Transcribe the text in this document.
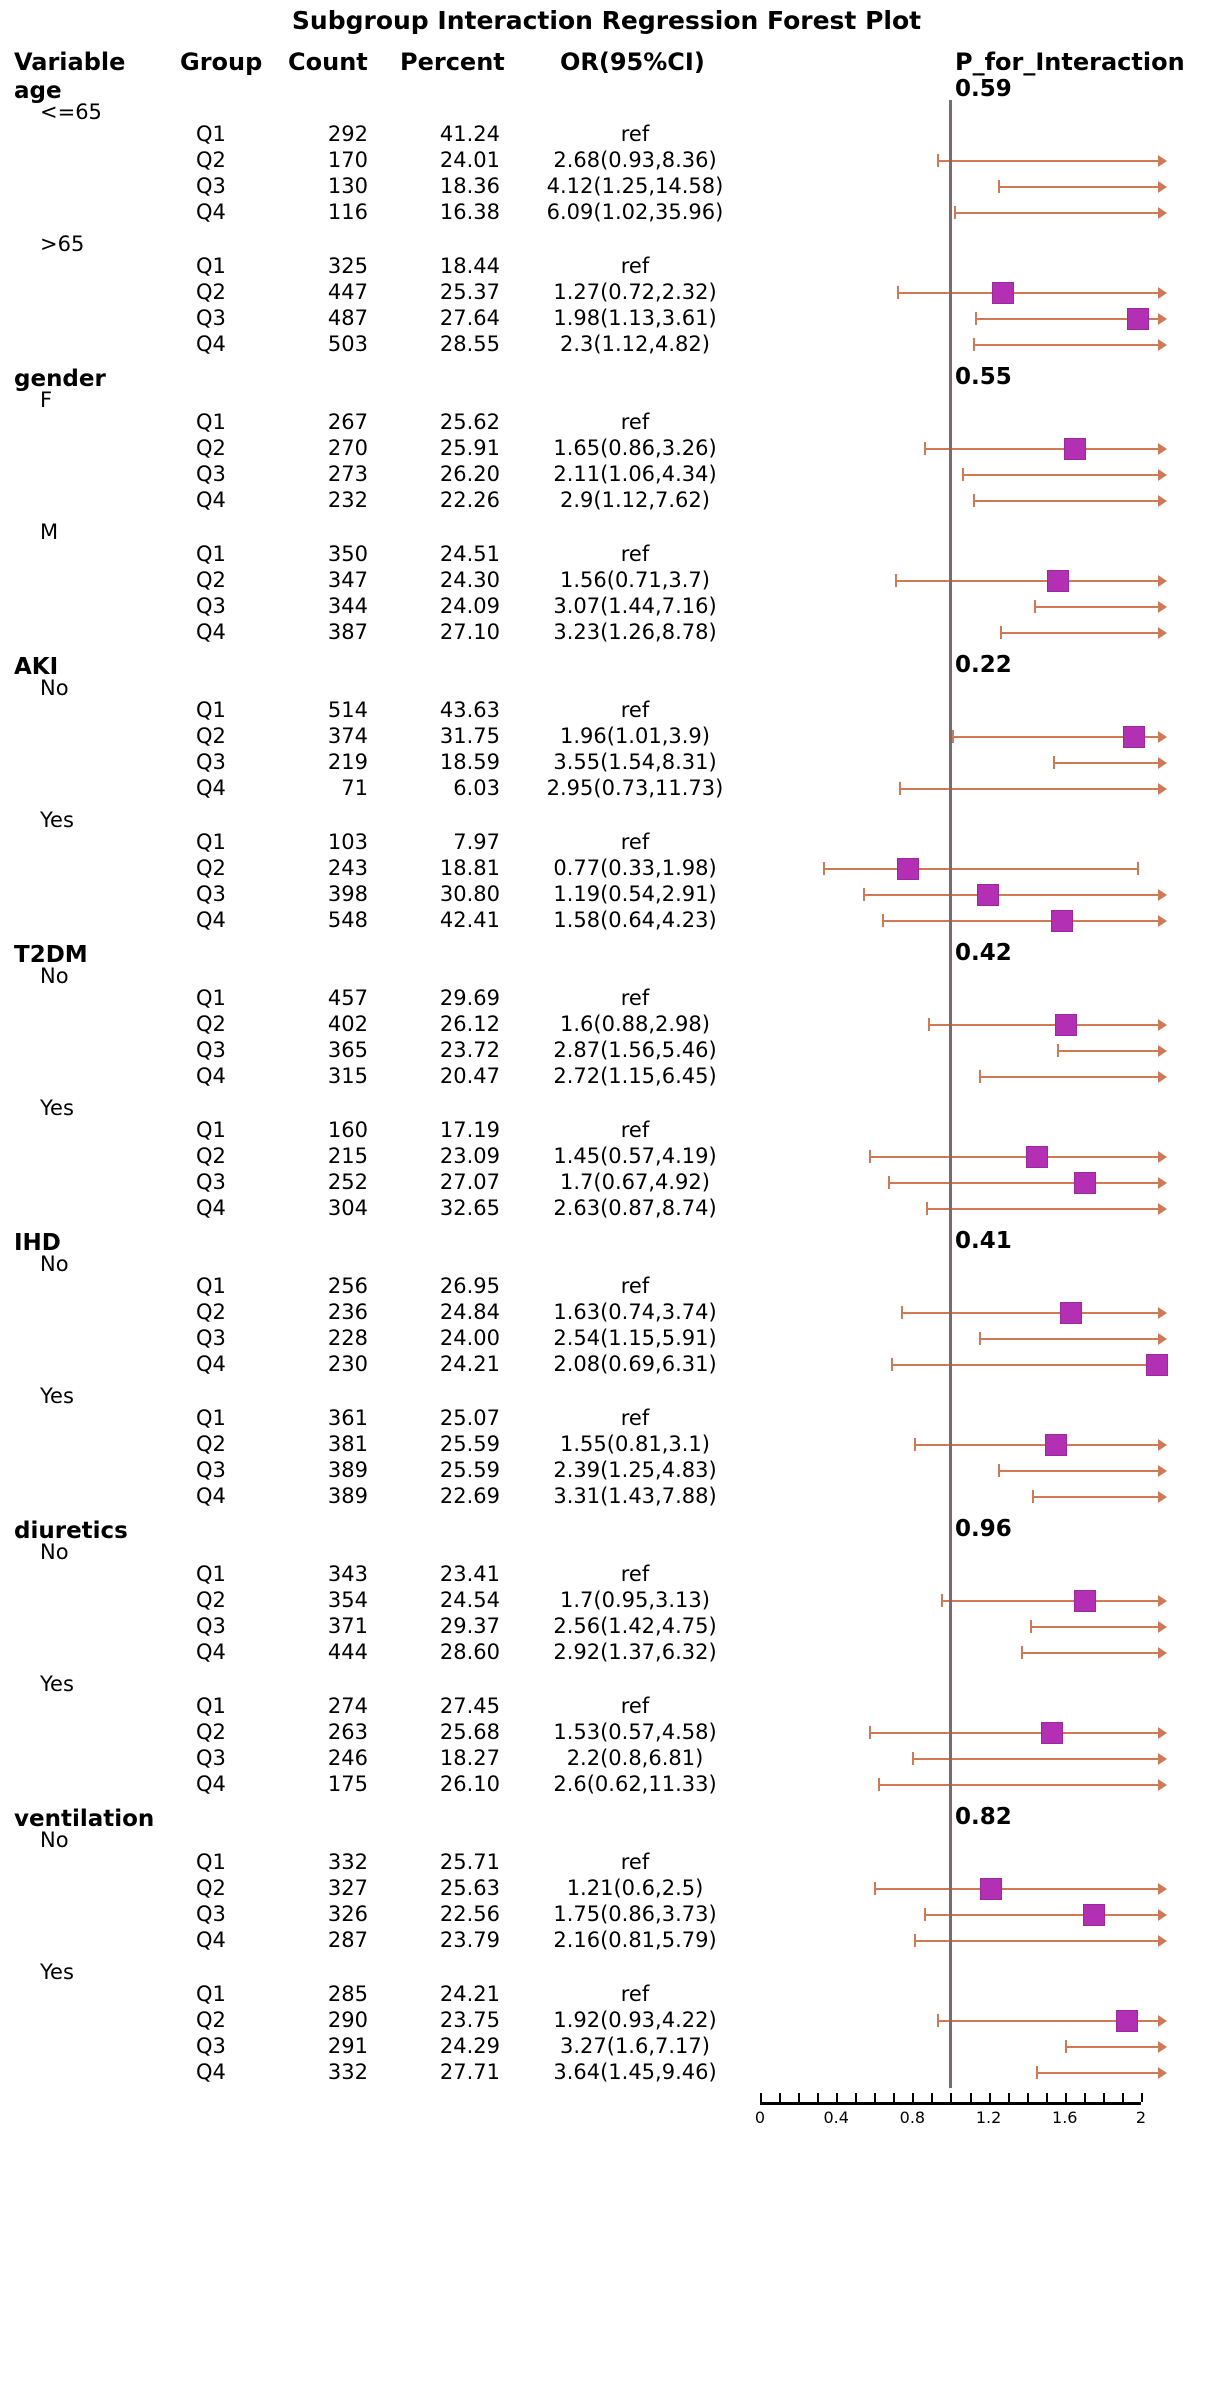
Subgroup Interaction Regression Forest Plot
Variable Group Count Percent OR(95%CI)	P_for_Interaction
age	0.59
<=65
Q1	292	41.24	ref
Q2	170	24.01	2.68(0.93,8.36)
Q3	130	18.36	4.12(1.25,14.58)
Q4	116	16.38	6.09(1.02,35.96)
>65
Q1	325	18.44	ref
Q2	447	25.37	1.27(0.72,2.32)
Q3	487	27.64	1.98(1.13,3.61)
Q4	503	28.55	2.3(1.12,4.82)
gender	0.55
F
Q1	267	25.62	ref
Q2	270	25.91	1.65(0.86,3.26)
Q3	273	26.20	2.11(1.06,4.34)
Q4	232	22.26	2.9(1.12,7.62)
M
Q1	350	24.51	ref
Q2	347	24.30	1.56(0.71,3.7)
Q3	344	24.09	3.07(1.44,7.16)
Q4	387	27.10	3.23(1.26,8.78)
AKI	0.22
No
Q1	514	43.63	ref
Q2	374	31.75	1.96(1.01,3.9)
Q3	219	18.59	3.55(1.54,8.31)
Q4	71	6.03	2.95(0.73,11.73)
Yes
Q1	103	7.97	ref
Q2	243	18.81	0.77(0.33,1.98)
Q3	398	30.80	1.19(0.54,2.91)
Q4	548	42.41	1.58(0.64,4.23)
T2DM	0.42
No
Q1	457	29.69	ref
Q2	402	26.12	1.6(0.88,2.98)
Q3	365	23.72	2.87(1.56,5.46)
Q4	315	20.47	2.72(1.15,6.45)
Yes
Q1	160	17.19	ref
Q2	215	23.09	1.45(0.57,4.19)
Q3	252	27.07	1.7(0.67,4.92)
Q4	304	32.65	2.63(0.87,8.74)
IHD	0.41
No
Q1	256	26.95	ref
Q2	236	24.84	1.63(0.74,3.74)
Q3	228	24.00	2.54(1.15,5.91)
Q4	230	24.21	2.08(0.69,6.31)
Yes
Q1	361	25.07	ref
Q2	381	25.59	1.55(0.81,3.1)
Q3	389	25.59	2.39(1.25,4.83)
Q4	389	22.69	3.31(1.43,7.88)
diuretics	0.96
No
Q1	343	23.41	ref
Q2	354	24.54	1.7(0.95,3.13)
Q3	371	29.37	2.56(1.42,4.75)
Q4	444	28.60	2.92(1.37,6.32)
Yes
Q1	274	27.45	ref
Q2	263	25.68	1.53(0.57,4.58)
Q3	246	18.27	2.2(0.8,6.81)
Q4	175	26.10	2.6(0.62,11.33)
ventilation	0.82
No
Q1	332	25.71	ref
Q2	327	25.63	1.21(0.6,2.5)
Q3	326	22.56	1.75(0.86,3.73)
Q4	287	23.79	2.16(0.81,5.79)
Yes
Q1	285	24.21	ref
Q2	290	23.75	1.92(0.93,4.22)
Q3	291	24.29	3.27(1.6,7.17)
Q4	332	27.71	3.64(1.45,9.46)
0	0.4	0.8	1.2	1.6	2
